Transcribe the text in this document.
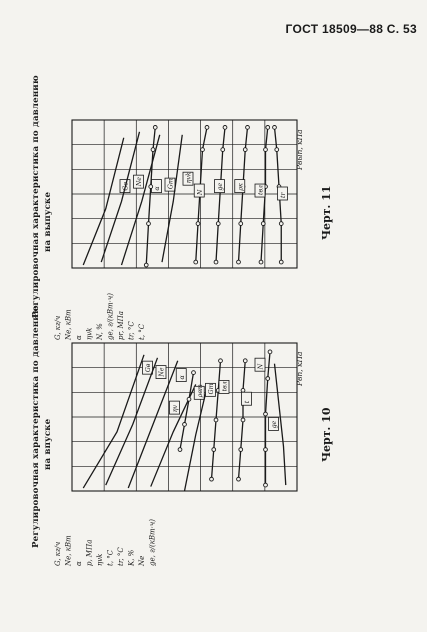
ГОСТ 18509—88 С. 53
Регулировочная характеристика по давлению на впуске
G, кг/ч Ne, кВт α p, МПа ηvk t, °C tr, °C K, % Ne ge, г/(кВт·ч)
Gв Ne
α
ρвт Gт
ηv
tвл
t
ge
N	Pвп, кПа
Черт. 10
Регулировочная характеристика по давлению на выпуске
G, кг/ч Ne, кВт α ηvk N, % ge, г/(кВт·ч) pr, МПа tr, °C t, °C
Gв
Ne
α Gт
ηvk
N
ge ρк tвл
tr
Pвып, кПа
Черт. 11
